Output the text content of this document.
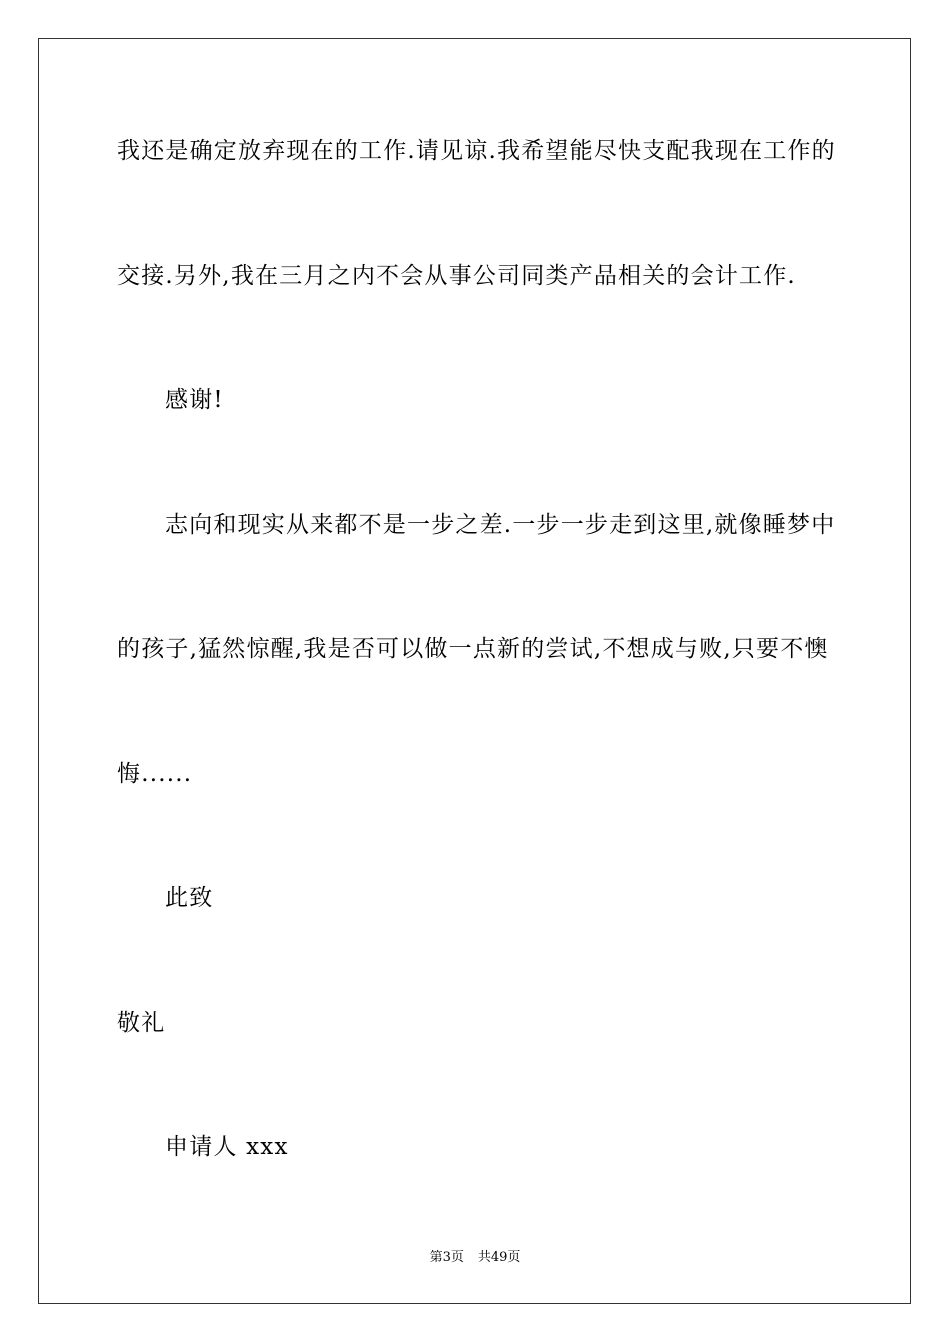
我还是确定放弃现在的工作.请见谅.我希望能尽快支配我现在工作的
交接.另外,我在三月之内不会从事公司同类产品相关的会计工作.
感谢!
志向和现实从来都不是一步之差.一步一步走到这里,就像睡梦中
的孩子,猛然惊醒,我是否可以做一点新的尝试,不想成与败,只要不懊
悔......
此致
敬礼
申请人 xxx
第3页 共49页
